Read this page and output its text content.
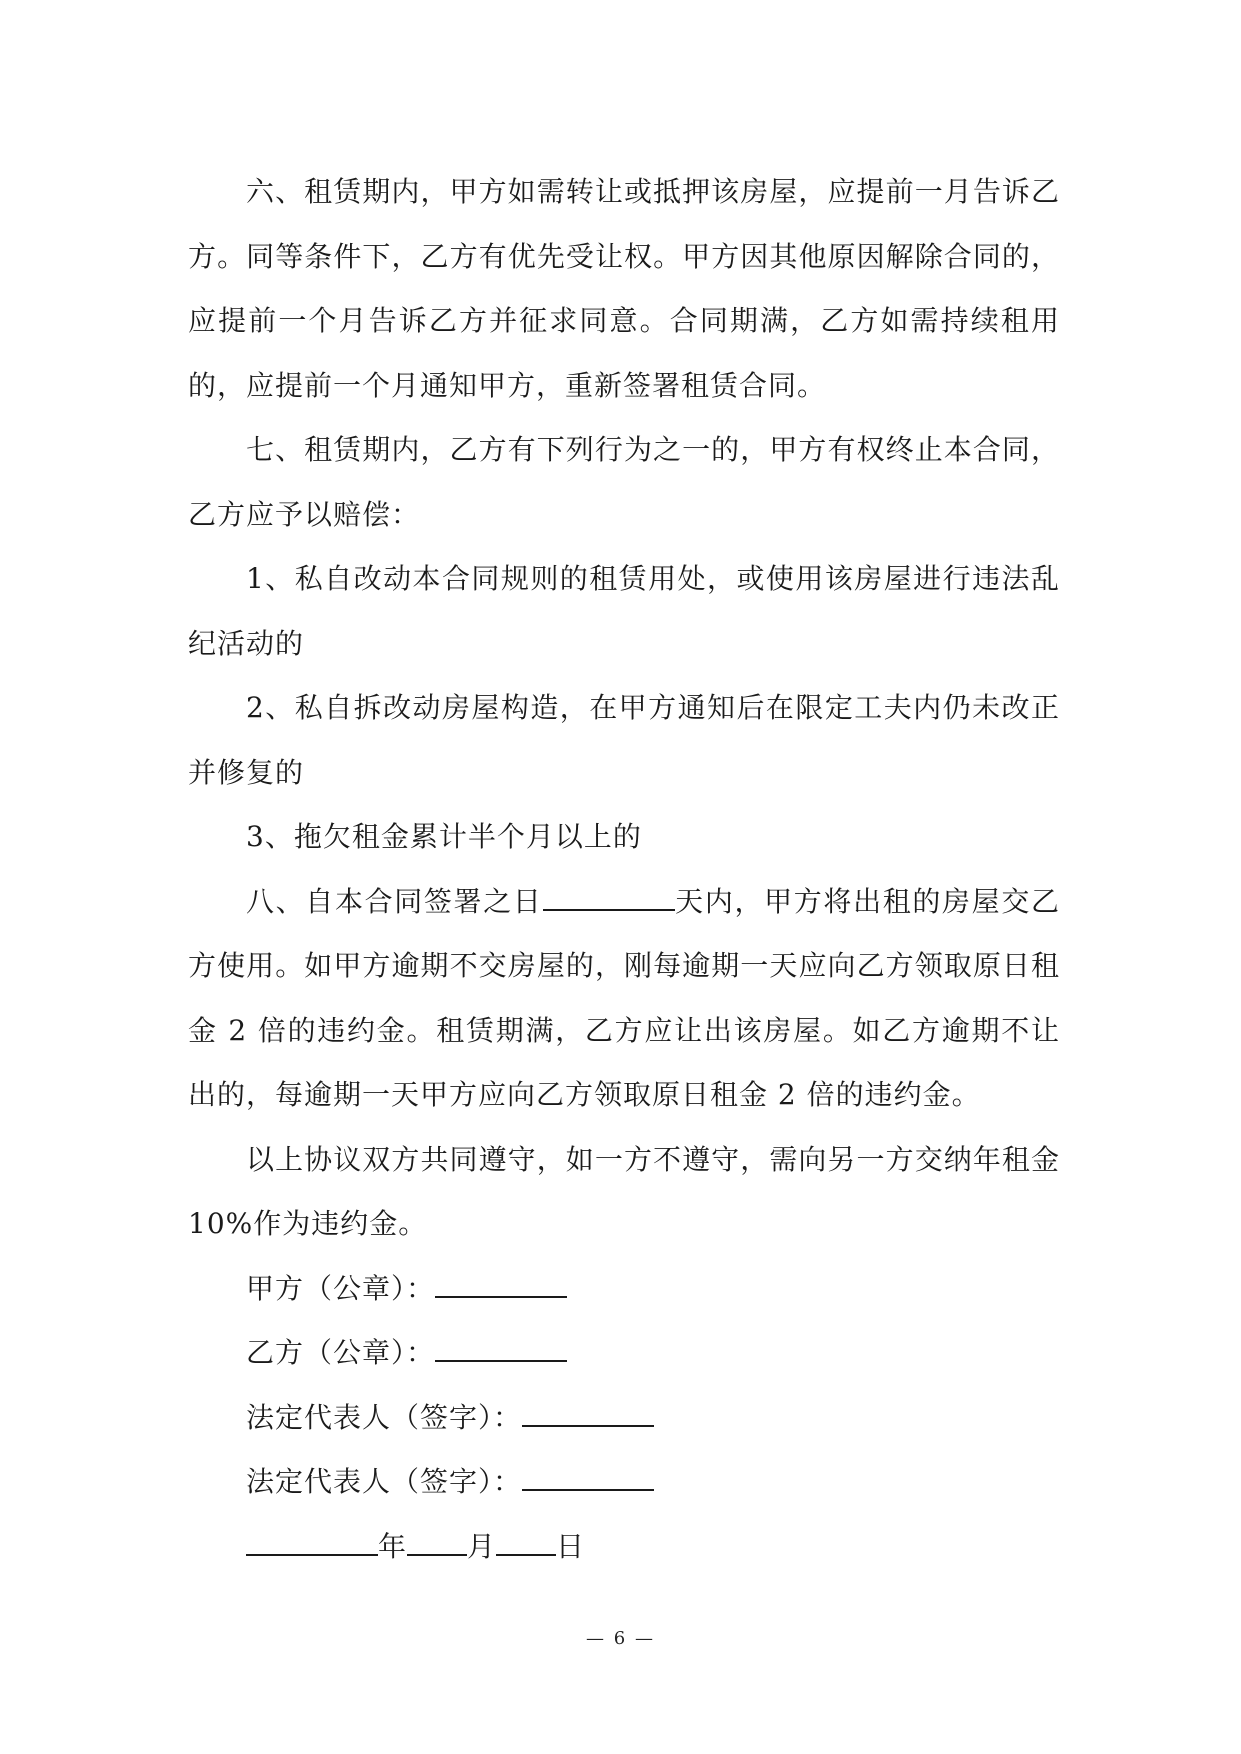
六、租赁期内，甲方如需转让或抵押该房屋，应提前一月告诉乙方。同等条件下，乙方有优先受让权。甲方因其他原因解除合同的，应提前一个月告诉乙方并征求同意。合同期满，乙方如需持续租用的，应提前一个月通知甲方，重新签署租赁合同。

七、租赁期内，乙方有下列行为之一的，甲方有权终止本合同，乙方应予以赔偿：

1、私自改动本合同规则的租赁用处，或使用该房屋进行违法乱纪活动的

2、私自拆改动房屋构造，在甲方通知后在限定工夫内仍未改正并修复的

3、拖欠租金累计半个月以上的

八、自本合同签署之日	天内，甲方将出租的房屋交乙方使用。如甲方逾期不交房屋的，刚每逾期一天应向乙方领取原日租金 2 倍的违约金。租赁期满，乙方应让出该房屋。如乙方逾期不让出的，每逾期一天甲方应向乙方领取原日租金 2 倍的违约金。

以上协议双方共同遵守，如一方不遵守，需向另一方交纳年租金 10%作为违约金。

甲方（公章）：

乙方（公章）：

法定代表人（签字）：

法定代表人（签字）：

年 月 日

— 6 —
